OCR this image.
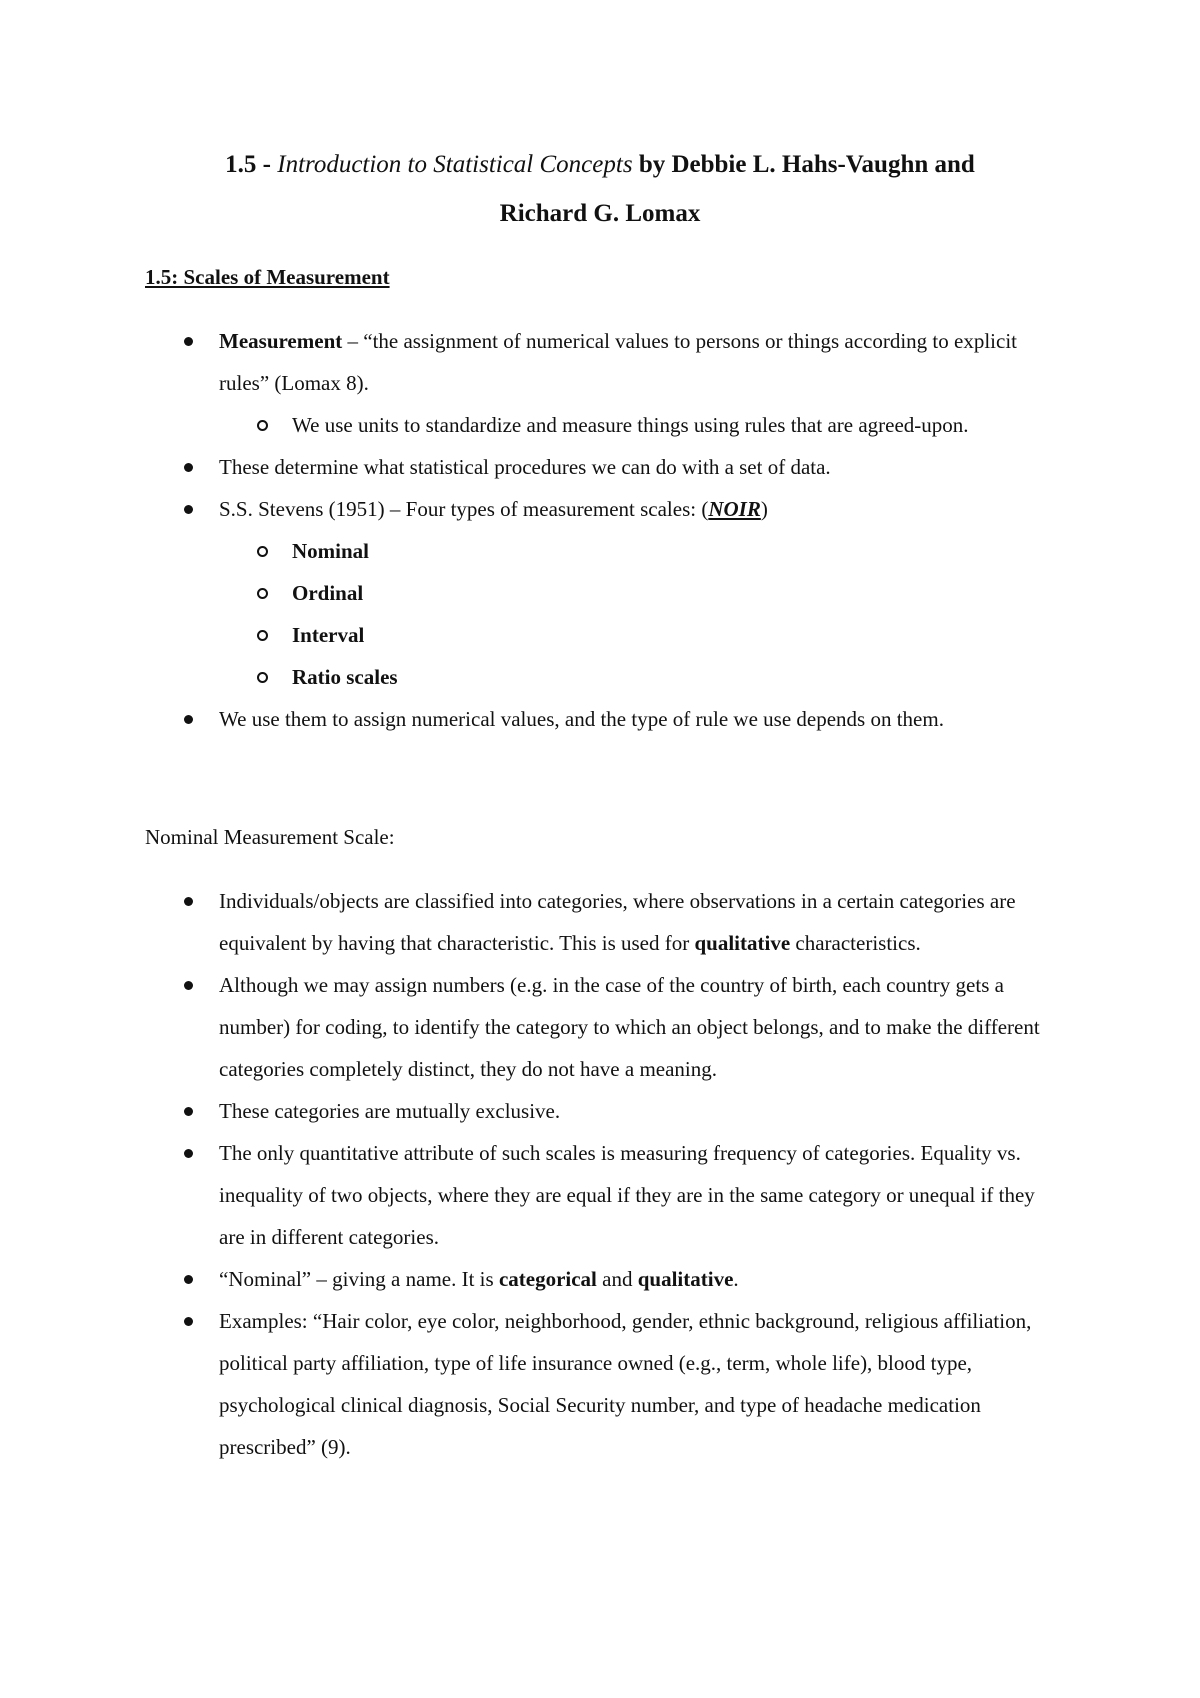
1.5 - Introduction to Statistical Concepts by Debbie L. Hahs-Vaughn and
Richard G. Lomax
1.5: Scales of Measurement
Measurement – “the assignment of numerical values to persons or things according to explicit rules” (Lomax 8).
We use units to standardize and measure things using rules that are agreed-upon.
These determine what statistical procedures we can do with a set of data.
S.S. Stevens (1951) – Four types of measurement scales: (NOIR)
Nominal
Ordinal
Interval
Ratio scales
We use them to assign numerical values, and the type of rule we use depends on them.
Nominal Measurement Scale:
Individuals/objects are classified into categories, where observations in a certain categories are equivalent by having that characteristic. This is used for qualitative characteristics.
Although we may assign numbers (e.g. in the case of the country of birth, each country gets a number) for coding, to identify the category to which an object belongs, and to make the different categories completely distinct, they do not have a meaning.
These categories are mutually exclusive.
The only quantitative attribute of such scales is measuring frequency of categories. Equality vs. inequality of two objects, where they are equal if they are in the same category or unequal if they are in different categories.
“Nominal” – giving a name. It is categorical and qualitative.
Examples: “Hair color, eye color, neighborhood, gender, ethnic background, religious affiliation, political party affiliation, type of life insurance owned (e.g., term, whole life), blood type, psychological clinical diagnosis, Social Security number, and type of headache medication prescribed” (9).
